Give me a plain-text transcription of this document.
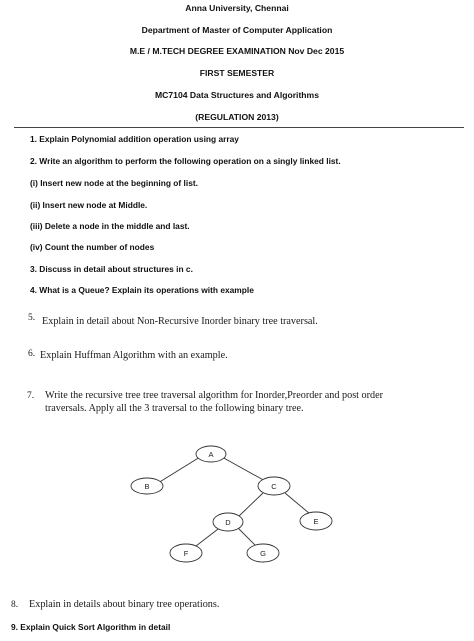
Anna University, Chennai
Department of Master of Computer Application
M.E / M.TECH DEGREE EXAMINATION Nov Dec 2015
FIRST SEMESTER
MC7104 Data Structures and Algorithms
(REGULATION 2013)
1. Explain Polynomial addition operation using array
2. Write an algorithm to perform the following operation on a singly linked list.
(i) Insert new node at the beginning of list.
(ii) Insert new node at Middle.
(iii) Delete a node in the middle and last.
(iv) Count the number of nodes
3. Discuss in detail about structures in c.
4. What is a Queue? Explain its operations with example
5. Explain in detail about Non-Recursive Inorder binary tree traversal.
6. Explain Huffman Algorithm with an example.
7. Write the recursive tree tree traversal algorithm for Inorder,Preorder and post order
traversals. Apply all the 3 traversal to the following binary tree.
A
B	C
D	E
F	G
8. Explain in details about binary tree operations.
9. Explain Quick Sort Algorithm in detail
